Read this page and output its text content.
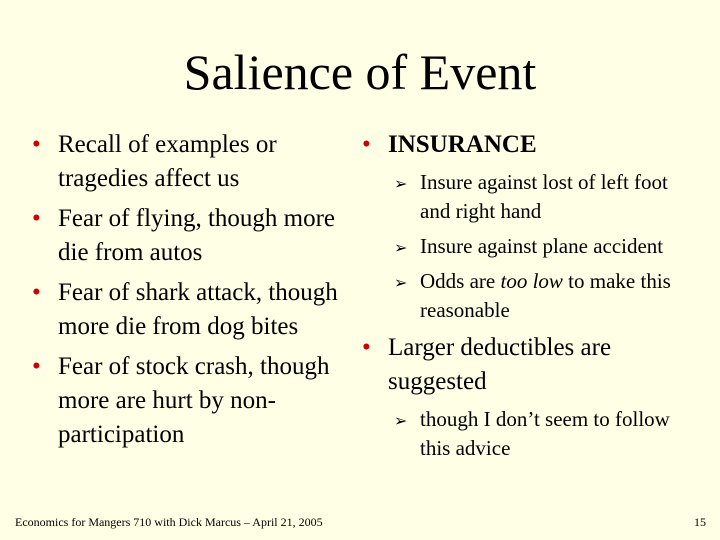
Salience of Event
• Recall of examples or tragedies affect us
• Fear of flying, though more die from autos
• Fear of shark attack, though more die from dog bites
• Fear of stock crash, though more are hurt by non-participation
• INSURANCE
➢ Insure against lost of left foot and right hand
➢ Insure against plane accident
➢ Odds are too low to make this reasonable
• Larger deductibles are suggested
➢ though I don’t seem to follow this advice
Economics for Mangers 710 with Dick Marcus – April 21, 2005	15
